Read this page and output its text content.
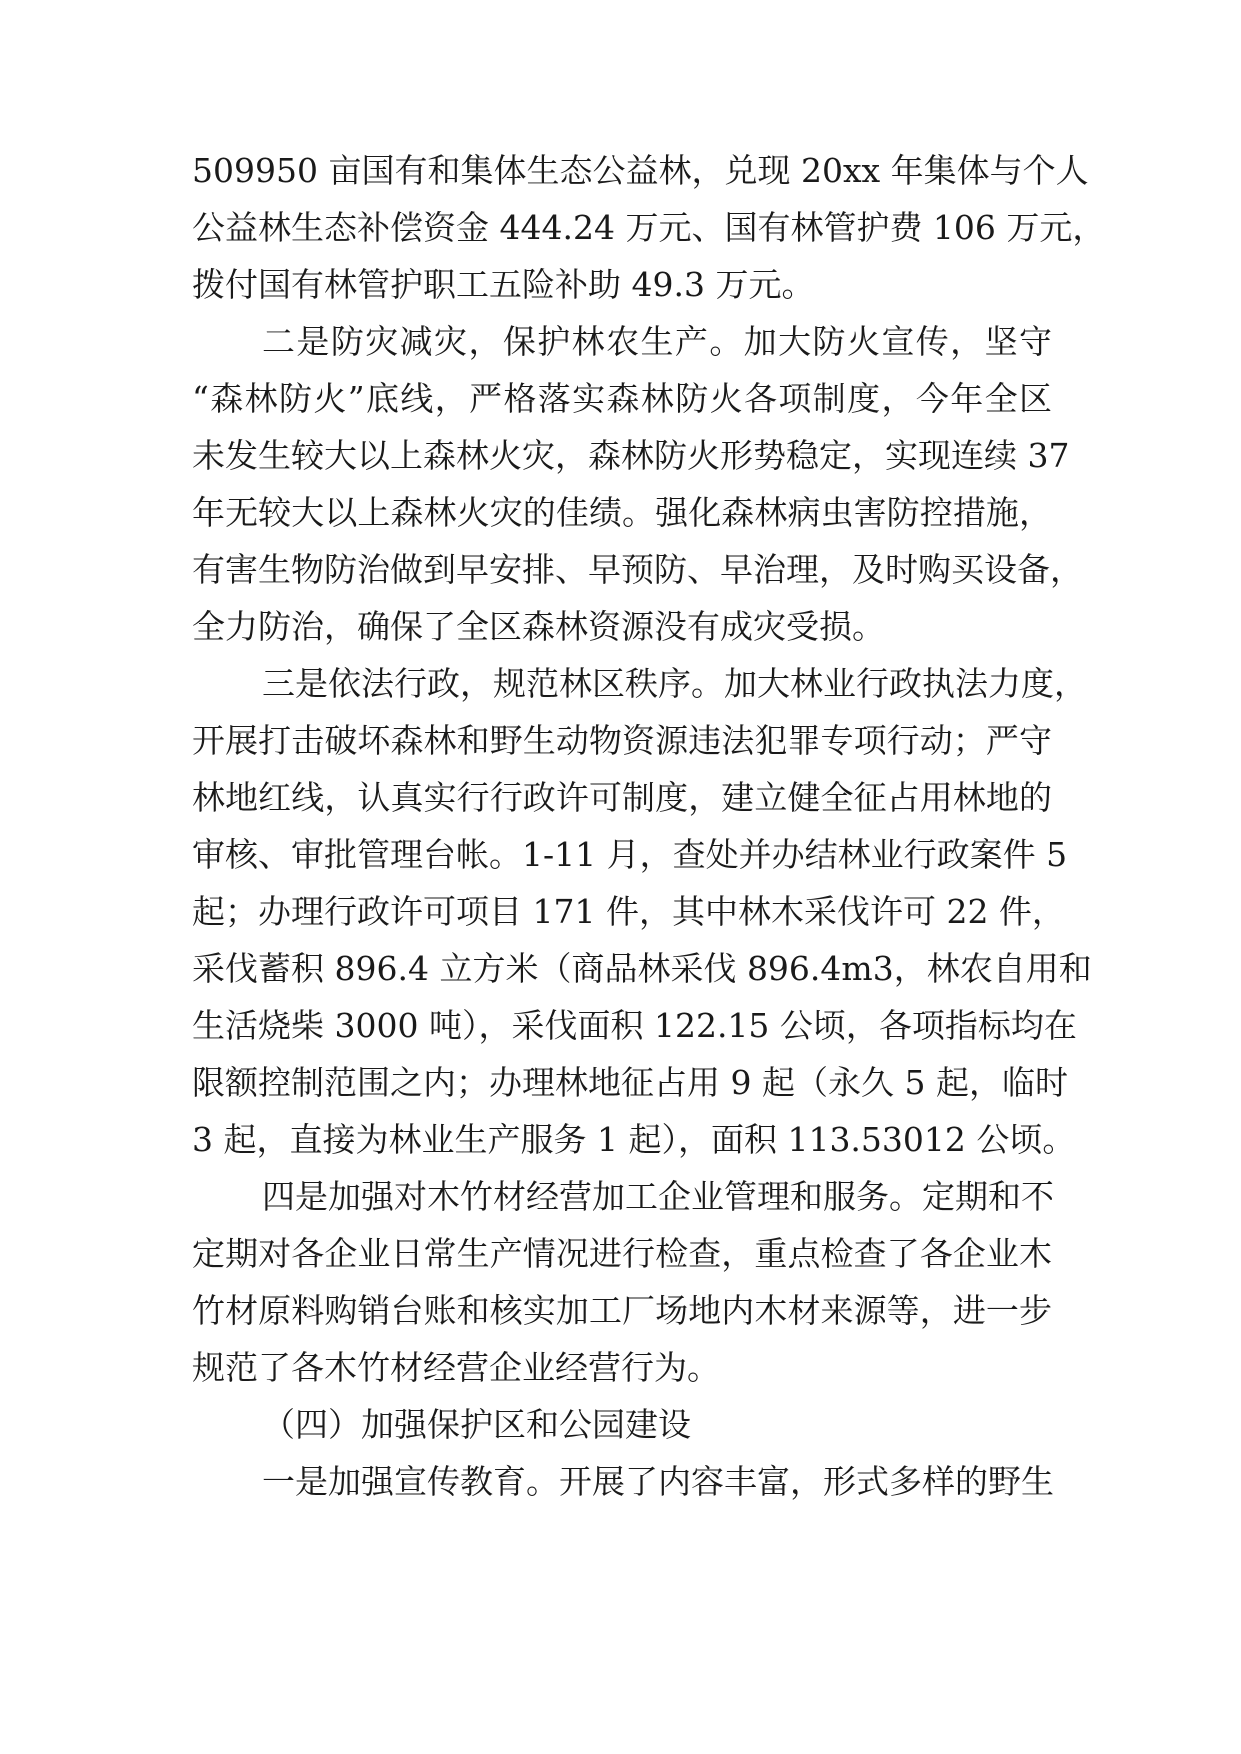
509950 亩国有和集体生态公益林，兑现 20xx 年集体与个人

公益林生态补偿资金 444.24 万元、国有林管护费 106 万元，

拨付国有林管护职工五险补助 49.3 万元。

二是防灾减灾，保护林农生产。加大防火宣传，坚守

“森林防火”底线，严格落实森林防火各项制度，今年全区

未发生较大以上森林火灾，森林防火形势稳定，实现连续 37

年无较大以上森林火灾的佳绩。强化森林病虫害防控措施，

有害生物防治做到早安排、早预防、早治理，及时购买设备，

全力防治，确保了全区森林资源没有成灾受损。

三是依法行政，规范林区秩序。加大林业行政执法力度，

开展打击破坏森林和野生动物资源违法犯罪专项行动；严守

林地红线，认真实行行政许可制度，建立健全征占用林地的

审核、审批管理台帐。1-11 月，查处并办结林业行政案件 5

起；办理行政许可项目 171 件，其中林木采伐许可 22 件，

采伐蓄积 896.4 立方米（商品林采伐 896.4m3，林农自用和

生活烧柴 3000 吨），采伐面积 122.15 公顷，各项指标均在

限额控制范围之内；办理林地征占用 9 起（永久 5 起，临时

3 起，直接为林业生产服务 1 起），面积 113.53012 公顷。

四是加强对木竹材经营加工企业管理和服务。定期和不

定期对各企业日常生产情况进行检查，重点检查了各企业木

竹材原料购销台账和核实加工厂场地内木材来源等，进一步

规范了各木竹材经营企业经营行为。

（四）加强保护区和公园建设

一是加强宣传教育。开展了内容丰富，形式多样的野生
